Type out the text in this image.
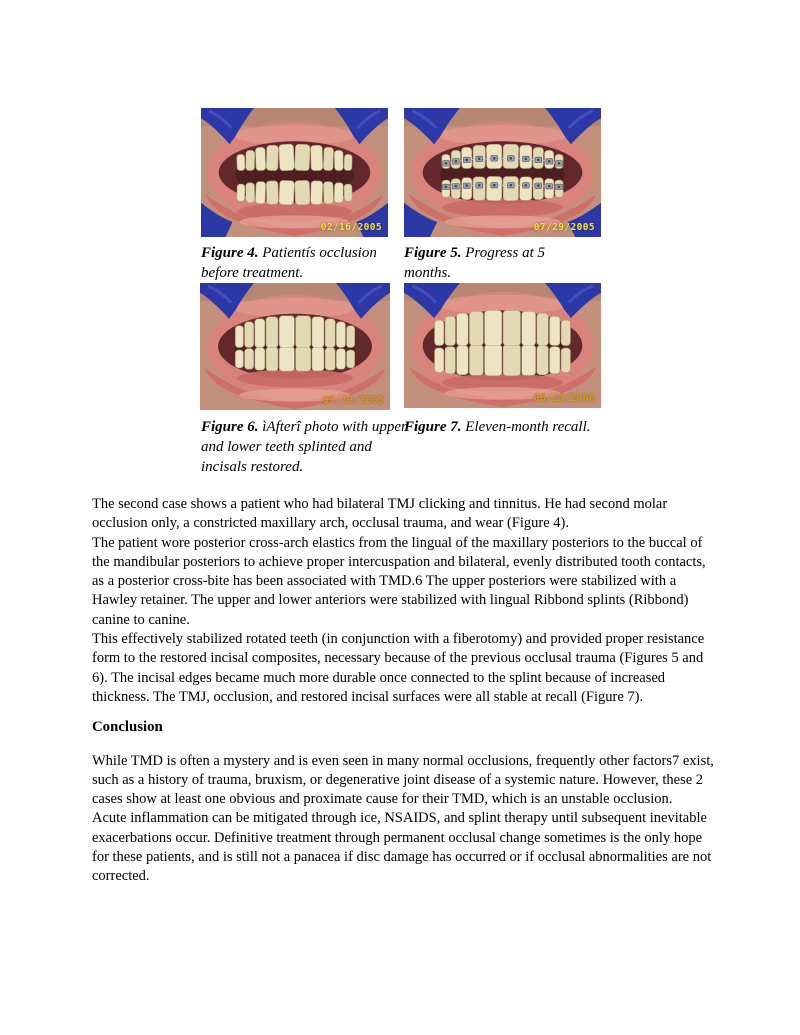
02/16/2005	07/29/2005

Figure 4. Patientís occlusion before treatment.

Figure 5. Progress at 5 months.

09/29/2005	06/23/2006

Figure 6. ìAfterî photo with upper and lower teeth splinted and incisals restored.

Figure 7. Eleven-month recall.

The second case shows a patient who had bilateral TMJ clicking and tinnitus. He had second molar occlusion only, a constricted maxillary arch, occlusal trauma, and wear (Figure 4).

The patient wore posterior cross-arch elastics from the lingual of the maxillary posteriors to the buccal of the mandibular posteriors to achieve proper intercuspation and bilateral, evenly distributed tooth contacts, as a posterior cross-bite has been associated with TMD.6 The upper posteriors were stabilized with a Hawley retainer. The upper and lower anteriors were stabilized with lingual Ribbond splints (Ribbond) canine to canine.

This effectively stabilized rotated teeth (in conjunction with a fiberotomy) and provided proper resistance form to the restored incisal composites, necessary because of the previous occlusal trauma (Figures 5 and 6). The incisal edges became much more durable once connected to the splint because of increased thickness. The TMJ, occlusion, and restored incisal surfaces were all stable at recall (Figure 7).

Conclusion

While TMD is often a mystery and is even seen in many normal occlusions, frequently other factors7 exist, such as a history of trauma, bruxism, or degenerative joint disease of a systemic nature. However, these 2 cases show at least one obvious and proximate cause for their TMD, which is an unstable occlusion.

Acute inflammation can be mitigated through ice, NSAIDS, and splint therapy until subsequent inevitable exacerbations occur. Definitive treatment through permanent occlusal change sometimes is the only hope for these patients, and is still not a panacea if disc damage has occurred or if occlusal abnormalities are not corrected.
